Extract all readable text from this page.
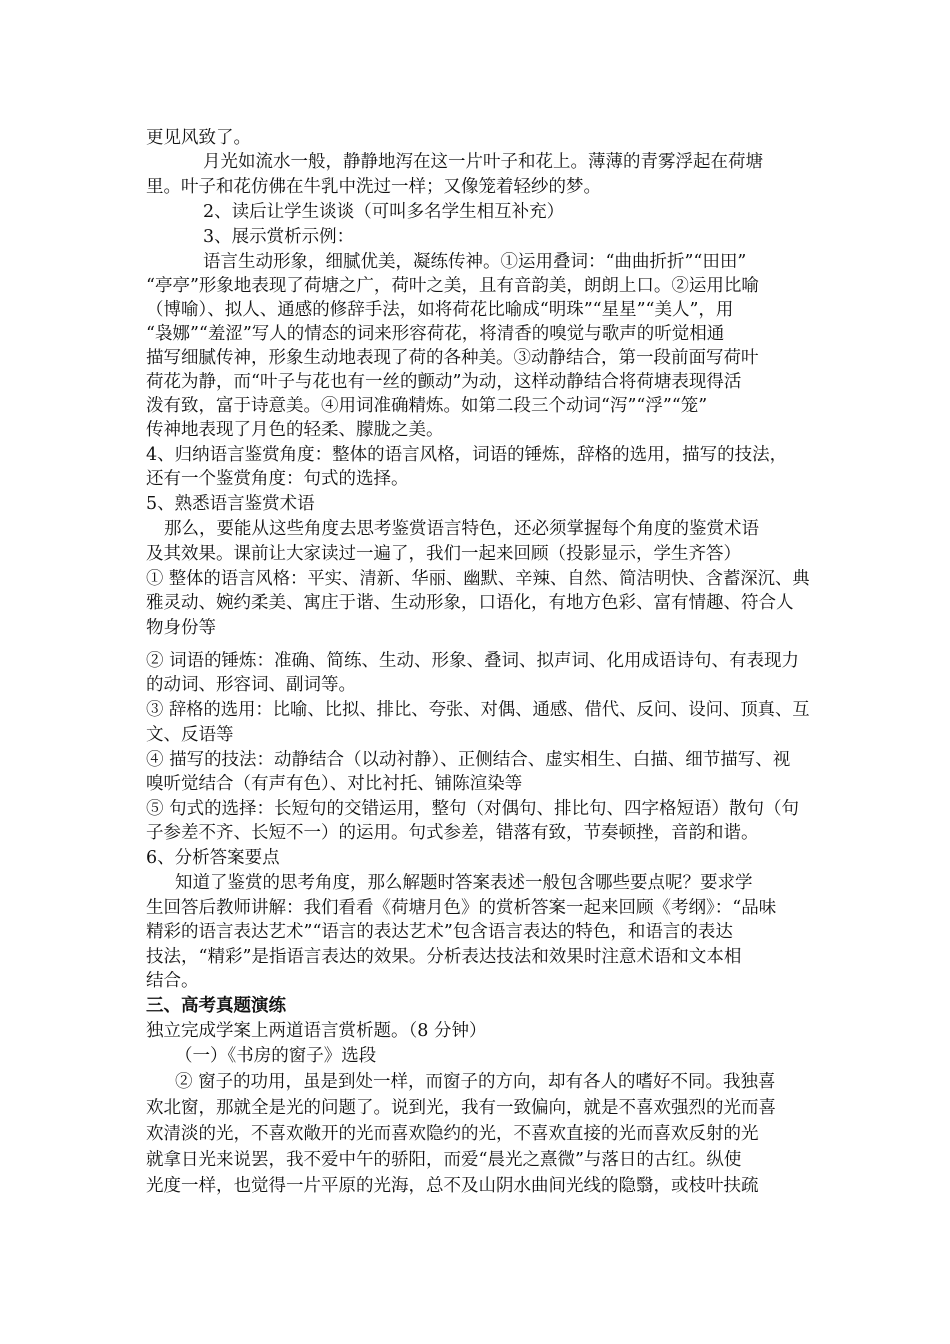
更见风致了。
月光如流水一般，静静地泻在这一片叶子和花上。薄薄的青雾浮起在荷塘
里。叶子和花仿佛在牛乳中洗过一样；又像笼着轻纱的梦。
2、读后让学生谈谈（可叫多名学生相互补充）
3、展示赏析示例：
语言生动形象，细腻优美，凝练传神。①运用叠词：“曲曲折折”“田田”
“亭亭”形象地表现了荷塘之广，荷叶之美，且有音韵美，朗朗上口。②运用比喻
（博喻）、拟人、通感的修辞手法，如将荷花比喻成“明珠”“星星”“美人”，用
“袅娜”“羞涩”写人的情态的词来形容荷花，将清香的嗅觉与歌声的听觉相通
描写细腻传神，形象生动地表现了荷的各种美。③动静结合，第一段前面写荷叶
荷花为静，而“叶子与花也有一丝的颤动”为动，这样动静结合将荷塘表现得活
泼有致，富于诗意美。④用词准确精炼。如第二段三个动词“泻”“浮”“笼”
传神地表现了月色的轻柔、朦胧之美。
4、归纳语言鉴赏角度：整体的语言风格，词语的锤炼，辞格的选用，描写的技法，
还有一个鉴赏角度：句式的选择。
5、熟悉语言鉴赏术语
那么，要能从这些角度去思考鉴赏语言特色，还必须掌握每个角度的鉴赏术语
及其效果。课前让大家读过一遍了，我们一起来回顾（投影显示，学生齐答）
① 整体的语言风格：平实、清新、华丽、幽默、辛辣、自然、简洁明快、含蓄深沉、典
雅灵动、婉约柔美、寓庄于谐、生动形象，口语化，有地方色彩、富有情趣、符合人
物身份等
② 词语的锤炼：准确、简练、生动、形象、叠词、拟声词、化用成语诗句、有表现力
的动词、形容词、副词等。
③ 辞格的选用：比喻、比拟、排比、夸张、对偶、通感、借代、反问、设问、顶真、互
文、反语等
④ 描写的技法：动静结合（以动衬静）、正侧结合、虚实相生、白描、细节描写、视
嗅听觉结合（有声有色）、对比衬托、铺陈渲染等
⑤ 句式的选择：长短句的交错运用，整句（对偶句、排比句、四字格短语）散句（句
子参差不齐、长短不一）的运用。句式参差，错落有致，节奏顿挫，音韵和谐。
6、分析答案要点
知道了鉴赏的思考角度，那么解题时答案表述一般包含哪些要点呢？要求学
生回答后教师讲解：我们看看《荷塘月色》的赏析答案一起来回顾《考纲》：“品味
精彩的语言表达艺术”“语言的表达艺术”包含语言表达的特色，和语言的表达
技法，“精彩”是指语言表达的效果。分析表达技法和效果时注意术语和文本相
结合。
三、高考真题演练
独立完成学案上两道语言赏析题。（8 分钟）
（一）《书房的窗子》选段
② 窗子的功用，虽是到处一样，而窗子的方向，却有各人的嗜好不同。我独喜
欢北窗，那就全是光的问题了。说到光，我有一致偏向，就是不喜欢强烈的光而喜
欢清淡的光，不喜欢敞开的光而喜欢隐约的光，不喜欢直接的光而喜欢反射的光
就拿日光来说罢，我不爱中午的骄阳，而爱“晨光之熹微”与落日的古红。纵使
光度一样，也觉得一片平原的光海，总不及山阴水曲间光线的隐翳，或枝叶扶疏
